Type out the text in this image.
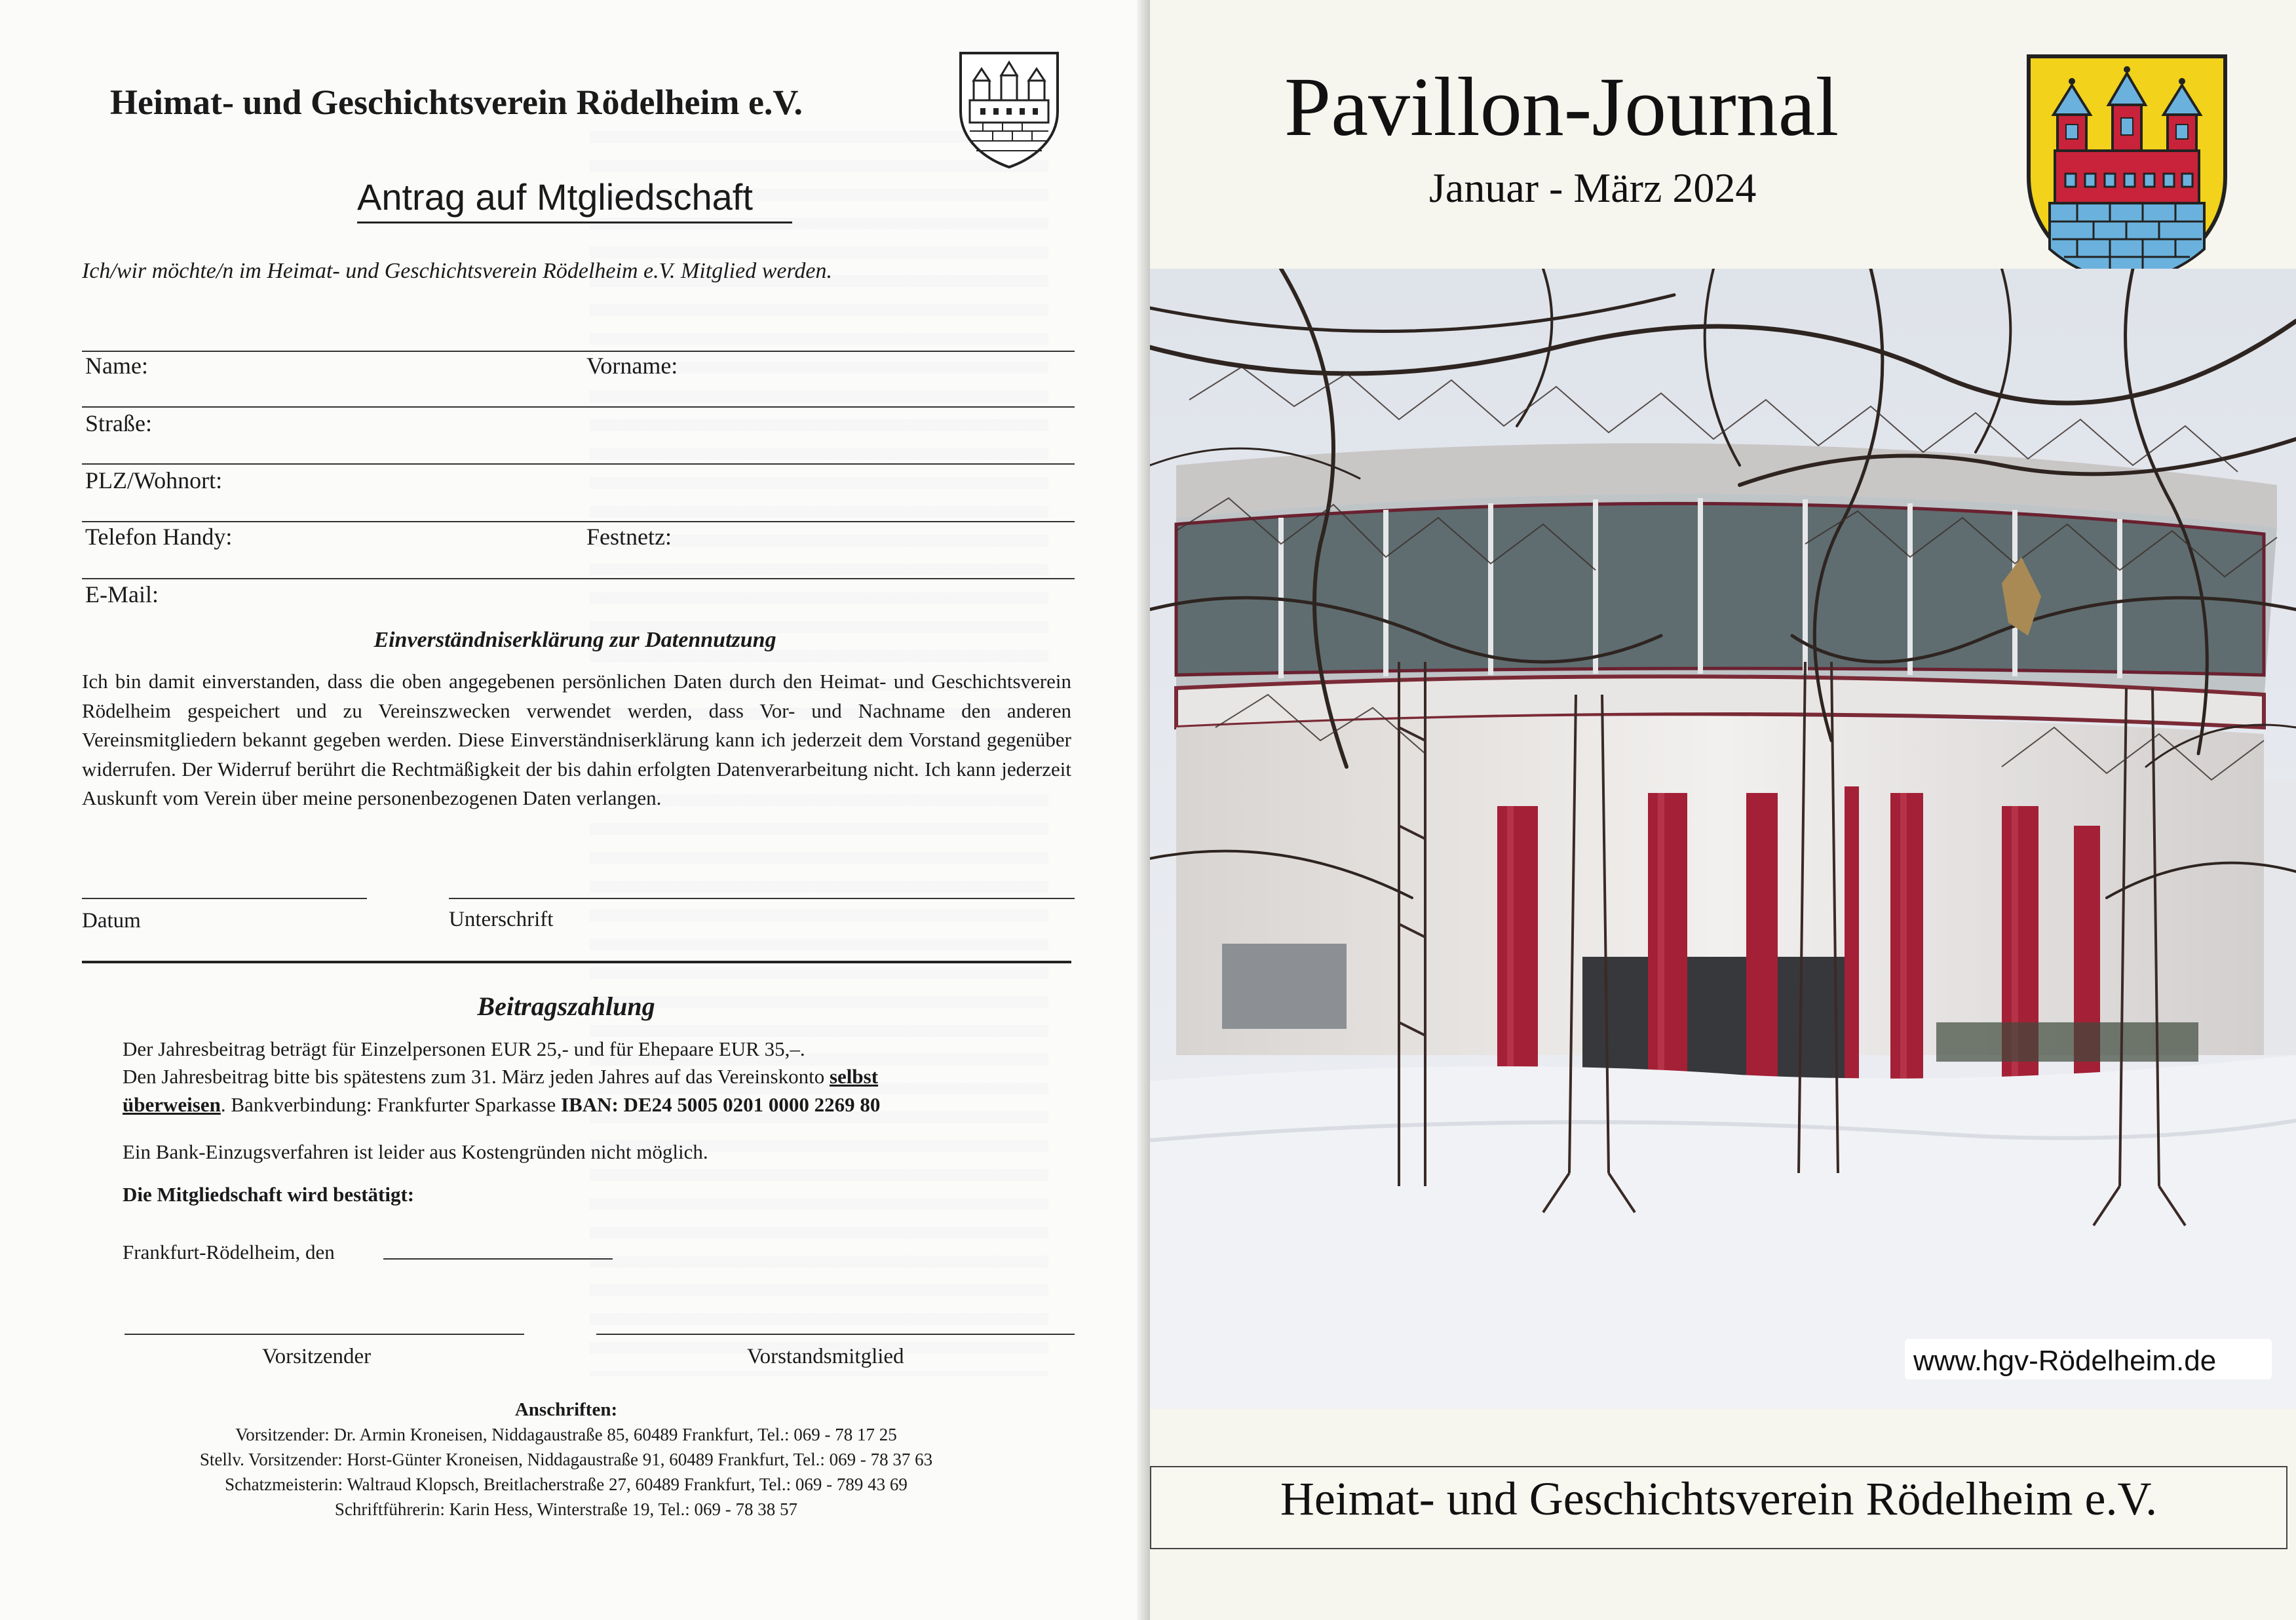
Heimat- und Geschichtsverein Rödelheim e.V.
Antrag auf Mtgliedschaft
Ich/wir möchte/n im Heimat- und Geschichtsverein Rödelheim e.V. Mitglied werden.
Name:	Vorname:
Straße:
PLZ/Wohnort:
Telefon Handy:	Festnetz:
E-Mail:
Einverständniserklärung zur Datennutzung
Ich bin damit einverstanden, dass die oben angegebenen persönlichen Daten durch den Heimat- und Geschichtsverein Rödelheim gespeichert und zu Vereinszwecken verwendet werden, dass Vor- und Nachname den anderen Vereinsmitgliedern bekannt gegeben werden. Diese Einverständniserklärung kann ich jederzeit dem Vorstand gegenüber widerrufen. Der Widerruf berührt die Rechtmäßigkeit der bis dahin erfolgten Datenverarbeitung nicht. Ich kann jederzeit Auskunft vom Verein über meine personenbezogenen Daten verlangen.
Datum	Unterschrift
Beitragszahlung
Der Jahresbeitrag beträgt für Einzelpersonen EUR 25,- und für Ehepaare EUR 35,–.
Den Jahresbeitrag bitte bis spätestens zum 31. März jeden Jahres auf das Vereinskonto selbst
überweisen. Bankverbindung: Frankfurter Sparkasse IBAN: DE24 5005 0201 0000 2269 80
Ein Bank-Einzugsverfahren ist leider aus Kostengründen nicht möglich.
Die Mitgliedschaft wird bestätigt:
Frankfurt-Rödelheim, den
Vorsitzender	Vorstandsmitglied
Anschriften:
Vorsitzender: Dr. Armin Kroneisen, Niddagaustraße 85, 60489 Frankfurt, Tel.: 069 - 78 17 25
Stellv. Vorsitzender: Horst-Günter Kroneisen, Niddagaustraße 91, 60489 Frankfurt, Tel.: 069 - 78 37 63
Schatzmeisterin: Waltraud Klopsch, Breitlacherstraße 27, 60489 Frankfurt, Tel.: 069 - 789 43 69
Schriftführerin: Karin Hess, Winterstraße 19, Tel.: 069 - 78 38 57
Pavillon-Journal
Januar - März 2024
www.hgv-Rödelheim.de
Heimat- und Geschichtsverein Rödelheim e.V.
